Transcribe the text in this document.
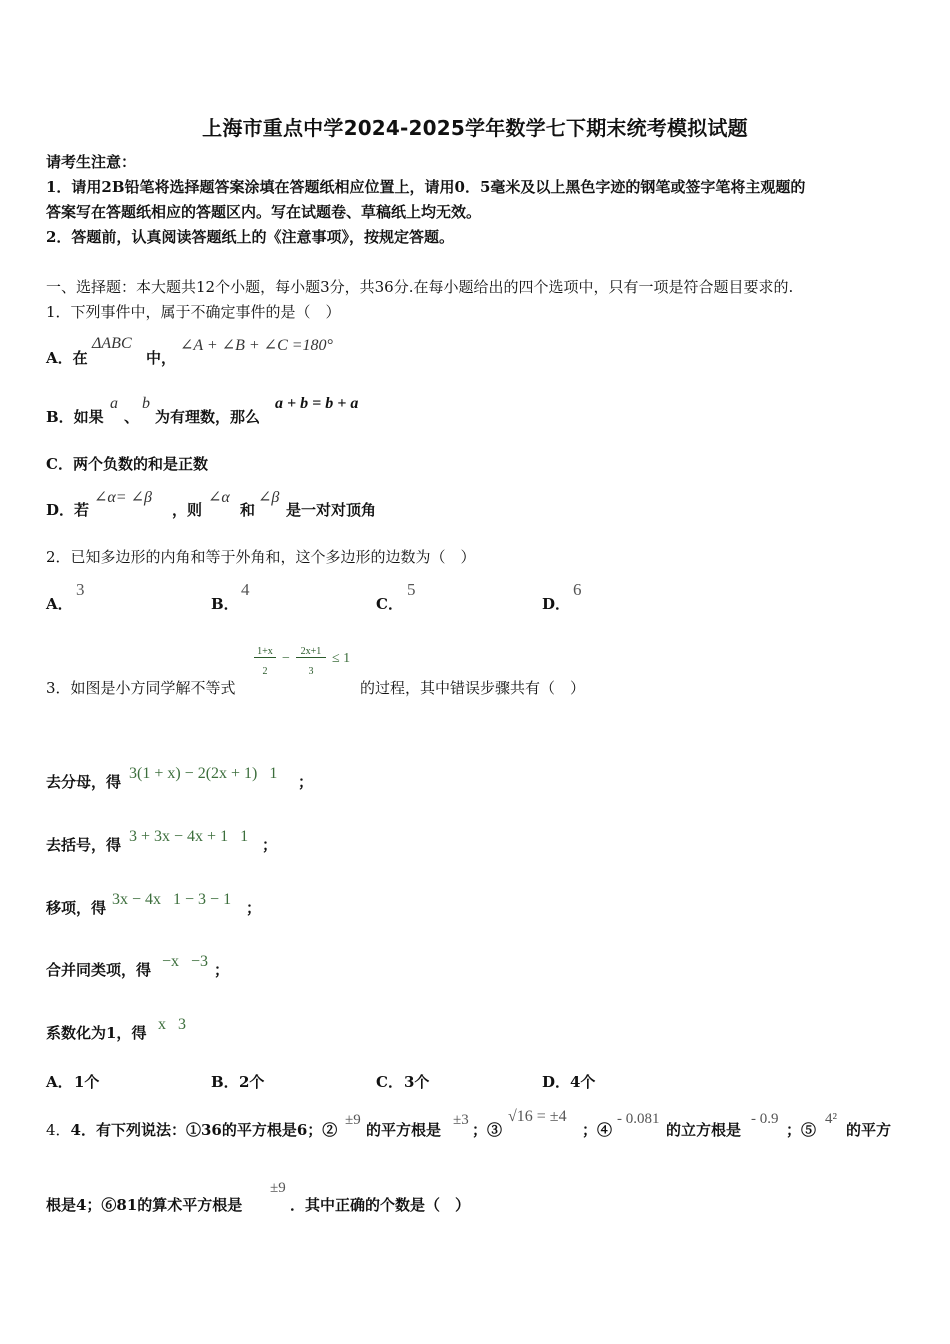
上海市重点中学2024-2025学年数学七下期末统考模拟试题
请考生注意：
1．请用2B铅笔将选择题答案涂填在答题纸相应位置上，请用0．5毫米及以上黑色字迹的钢笔或签字笔将主观题的
答案写在答题纸相应的答题区内。写在试题卷、草稿纸上均无效。
2．答题前，认真阅读答题纸上的《注意事项》，按规定答题。
一、选择题：本大题共12个小题，每小题3分，共36分.在每小题给出的四个选项中，只有一项是符合题目要求的.
1．下列事件中，属于不确定事件的是（　）
A．在
ΔABC
中，
∠A + ∠B + ∠C =180°
B．如果
a
、
b
为有理数，那么
a + b = b + a
C．两个负数的和是正数
D．若
∠α= ∠β
，则
∠α
和
∠β
是一对对顶角
2．已知多边形的内角和等于外角和，这个多边形的边数为（　）
A．
3
B．
4
C．
5
D．
6
3．如图是小方同学解不等式
1+x
2
−	2x+1
3
≤ 1
的过程，其中错误步骤共有（　）
去分母，得 3(1 + x) − 2(2x + 1)   1 ；
去括号，得 3 + 3x − 4x + 1   1 ；
移项，得 3x − 4x   1 − 3 − 1 ；
合并同类项，得 −x   −3 ；
系数化为1，得 x   3
A． 1个	B． 2个	C． 3个	D． 4个
4．4．有下列说法：①36的平方根是6；②
±9
的平方根是
±3
；③
√16 = ±4
；④
- 0.081
的立方根是
- 0.9
；⑤
4²
的平方
根是4；⑥81的算术平方根是
±9
．其中正确的个数是（　）
